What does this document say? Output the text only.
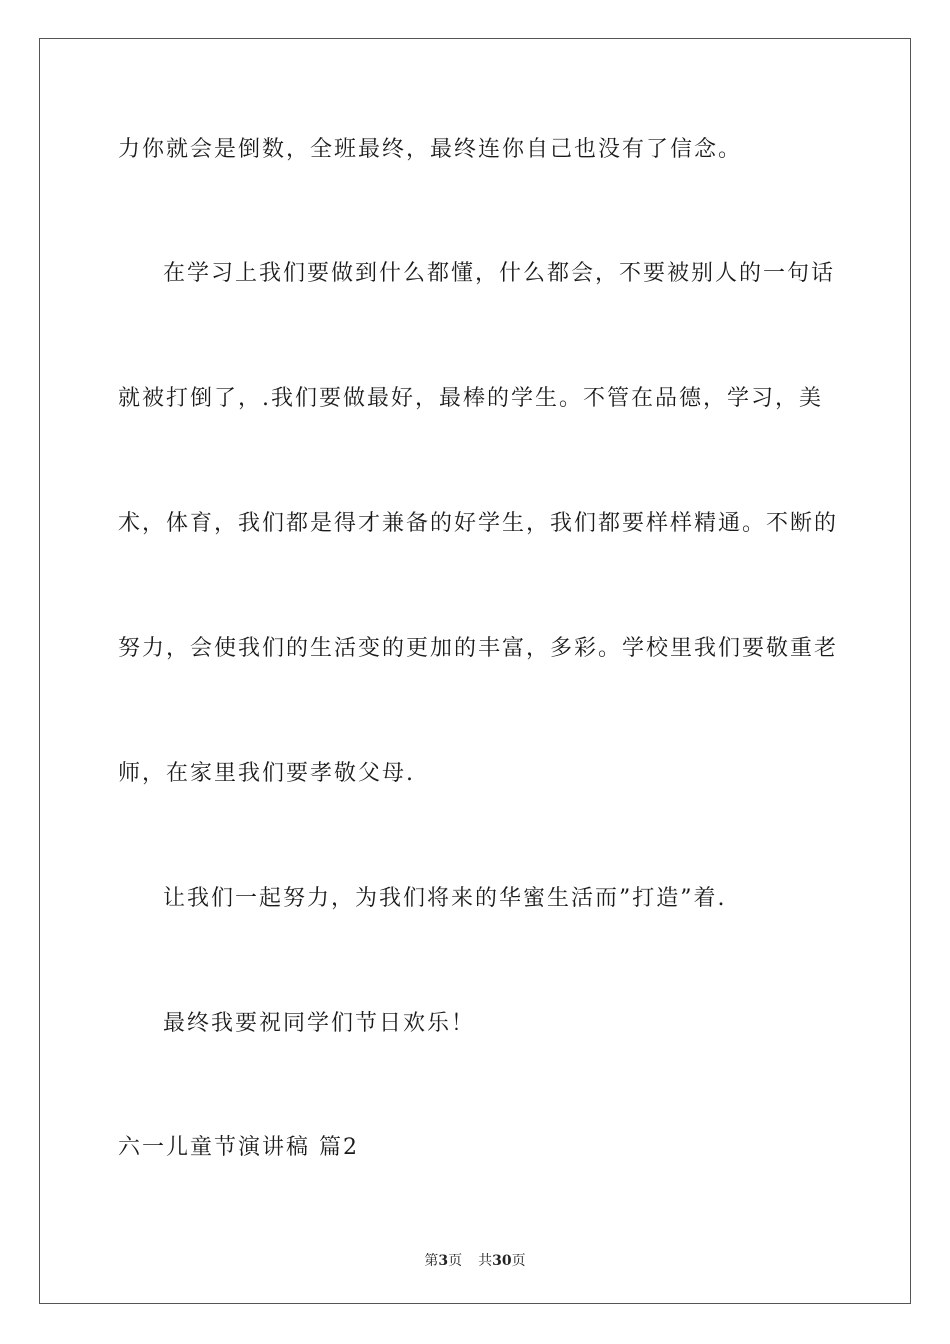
力你就会是倒数，全班最终，最终连你自己也没有了信念。
在学习上我们要做到什么都懂，什么都会，不要被别人的一句话
就被打倒了，.我们要做最好，最棒的学生。不管在品德，学习，美
术，体育，我们都是得才兼备的好学生，我们都要样样精通。不断的
努力，会使我们的生活变的更加的丰富，多彩。学校里我们要敬重老
师，在家里我们要孝敬父母.
让我们一起努力，为我们将来的华蜜生活而”打造”着.
最终我要祝同学们节日欢乐！
六一儿童节演讲稿 篇2
第3页 共30页
